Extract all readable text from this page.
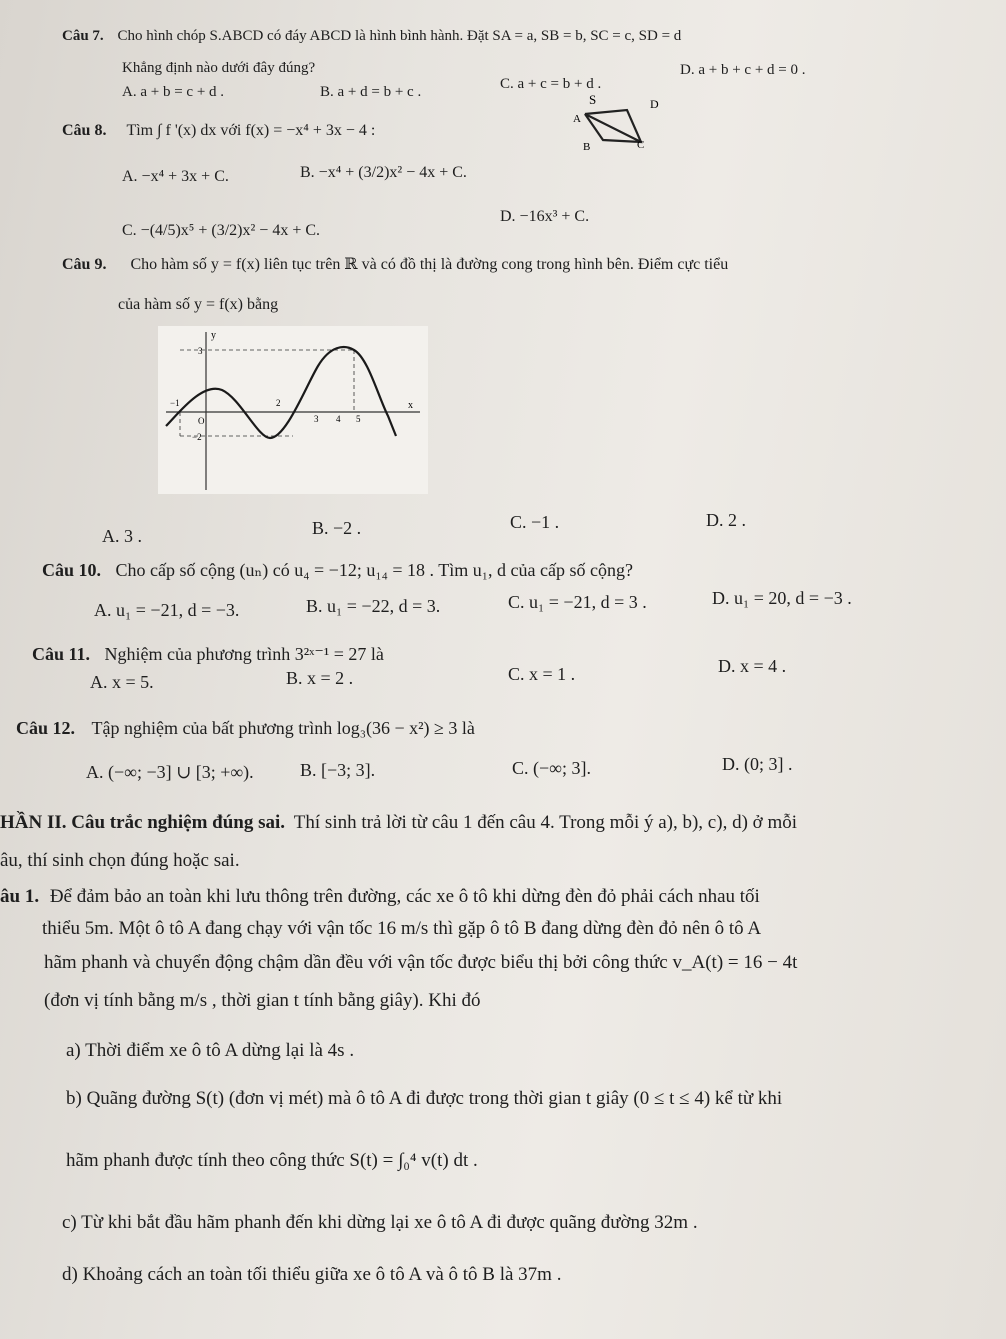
Câu 7. Cho hình chóp S.ABCD có đáy ABCD là hình bình hành. Đặt SA = a, SB = b, SC = c, SD = d
Khẳng định nào dưới đây đúng?
A. a + b = c + d .	B. a + d = b + c .	C. a + c = b + d .
D. a + b + c + d = 0 .
S	D
A
B	C
Câu 8. Tìm ∫ f '(x) dx với f(x) = −x⁴ + 3x − 4 :
A. −x⁴ + 3x + C.	B. −x⁴ + (3/2)x² − 4x + C.
C. −(4/5)x⁵ + (3/2)x² − 4x + C.
D. −16x³ + C.
Câu 9. Cho hàm số y = f(x) liên tục trên ℝ và có đồ thị là đường cong trong hình bên. Điểm cực tiểu
của hàm số y = f(x) bằng
y
x
O
3
−2
−1	2
3 4 5
A. 3 .	B. −2 .	C. −1 .	D. 2 .
Câu 10. Cho cấp số cộng (uₙ) có u₄ = −12; u₁₄ = 18 . Tìm u₁, d của cấp số cộng?
A. u₁ = −21, d = −3.	B. u₁ = −22, d = 3.	C. u₁ = −21, d = 3 .	D. u₁ = 20, d = −3 .
Câu 11. Nghiệm của phương trình 3²ˣ⁻¹ = 27 là
A. x = 5.	B. x = 2 .	C. x = 1 .	D. x = 4 .
Câu 12. Tập nghiệm của bất phương trình log₃(36 − x²) ≥ 3 là
A. (−∞; −3] ∪ [3; +∞).	B. [−3; 3].	C. (−∞; 3].	D. (0; 3] .
HẦN II. Câu trắc nghiệm đúng sai. Thí sinh trả lời từ câu 1 đến câu 4. Trong mỗi ý a), b), c), d) ở mỗi
âu, thí sinh chọn đúng hoặc sai.
âu 1. Để đảm bảo an toàn khi lưu thông trên đường, các xe ô tô khi dừng đèn đỏ phải cách nhau tối
thiểu 5m. Một ô tô A đang chạy với vận tốc 16 m/s thì gặp ô tô B đang dừng đèn đỏ nên ô tô A
hãm phanh và chuyển động chậm dần đều với vận tốc được biểu thị bởi công thức v_A(t) = 16 − 4t
(đơn vị tính bằng m/s , thời gian t tính bằng giây). Khi đó
a) Thời điểm xe ô tô A dừng lại là 4s .
b) Quãng đường S(t) (đơn vị mét) mà ô tô A đi được trong thời gian t giây (0 ≤ t ≤ 4) kể từ khi
hãm phanh được tính theo công thức S(t) = ∫₀⁴ v(t) dt .
c) Từ khi bắt đầu hãm phanh đến khi dừng lại xe ô tô A đi được quãng đường 32m .
d) Khoảng cách an toàn tối thiểu giữa xe ô tô A và ô tô B là 37m .
